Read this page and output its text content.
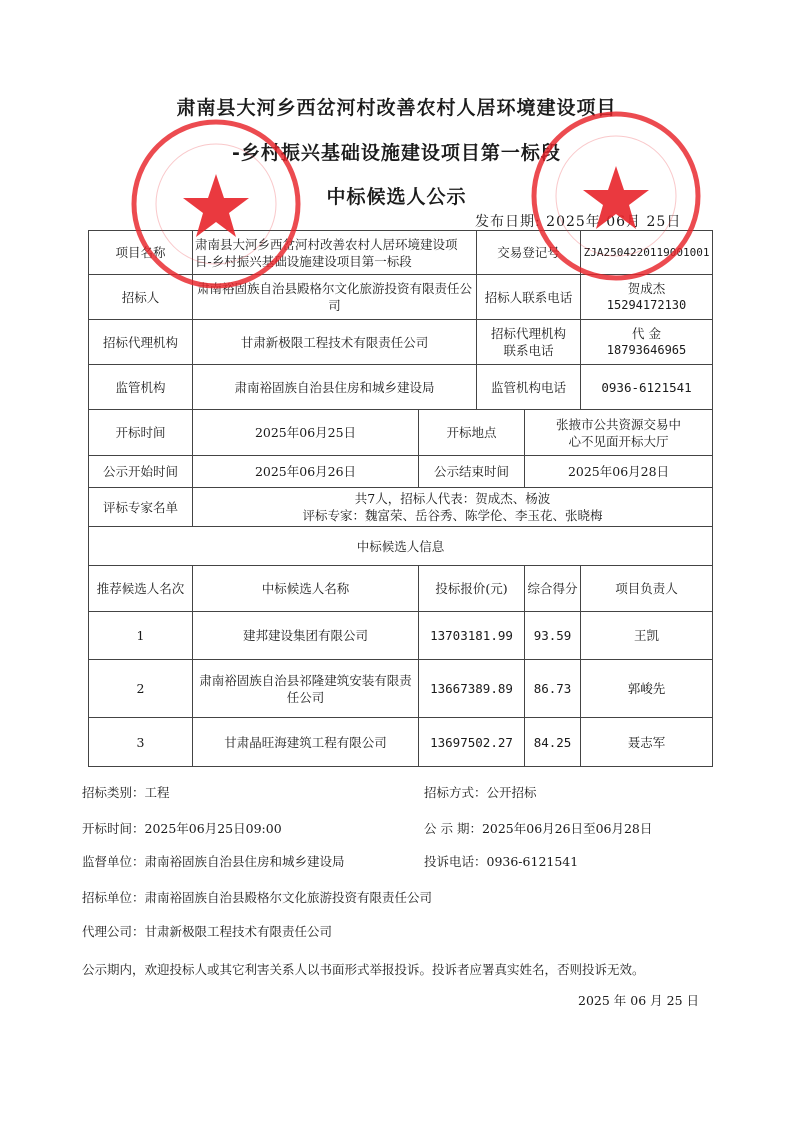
肃南县大河乡西岔河村改善农村人居环境建设项目
-乡村振兴基础设施建设项目第一标段
中标候选人公示
发布日期: 2025年 06月 25日
项目名称	肃南县大河乡西岔河村改善农村人居环境建设项目-乡村振兴基础设施建设项目第一标段		交易登记号		ZJA2504220119001001
招标人	肃南裕固族自治县殿格尔文化旅游投资有限责任公司		招标人联系电话		贺成杰
15294172130

招标代理机构	甘肃新极限工程技术有限责任公司		招标代理机构联系电话		代 金
18793646965

监管机构	肃南裕固族自治县住房和城乡建设局		监管机构电话		0936-6121541
开标时间	2025年06月25日	开标地点		张掖市公共资源交易中心不见面开标大厅	
公示开始时间	2025年06月26日	公示结束时间		2025年06月28日	
评标专家名单	共7人，招标人代表：贺成杰、杨波
评标专家：魏富荣、岳谷秀、陈学伦、李玉花、张晓梅				

中标候选人信息					
推荐候选人名次	中标候选人名称	投标报价(元)		综合得分	项目负责人
1	建邦建设集团有限公司	13703181.99		93.59	王凯
2	肃南裕固族自治县祁隆建筑安装有限责任公司	13667389.89		86.73	郭峻先
3	甘肃晶旺海建筑工程有限公司	13697502.27		84.25	聂志军
招标类别：工程	招标方式：公开招标
开标时间：2025年06月25日09:00	公 示 期：2025年06月26日至06月28日
监督单位：肃南裕固族自治县住房和城乡建设局	投诉电话：0936-6121541
招标单位：肃南裕固族自治县殿格尔文化旅游投资有限责任公司
代理公司：甘肃新极限工程技术有限责任公司
公示期内，欢迎投标人或其它利害关系人以书面形式举报投诉。投诉者应署真实姓名，否则投诉无效。
2025 年 06 月 25 日
